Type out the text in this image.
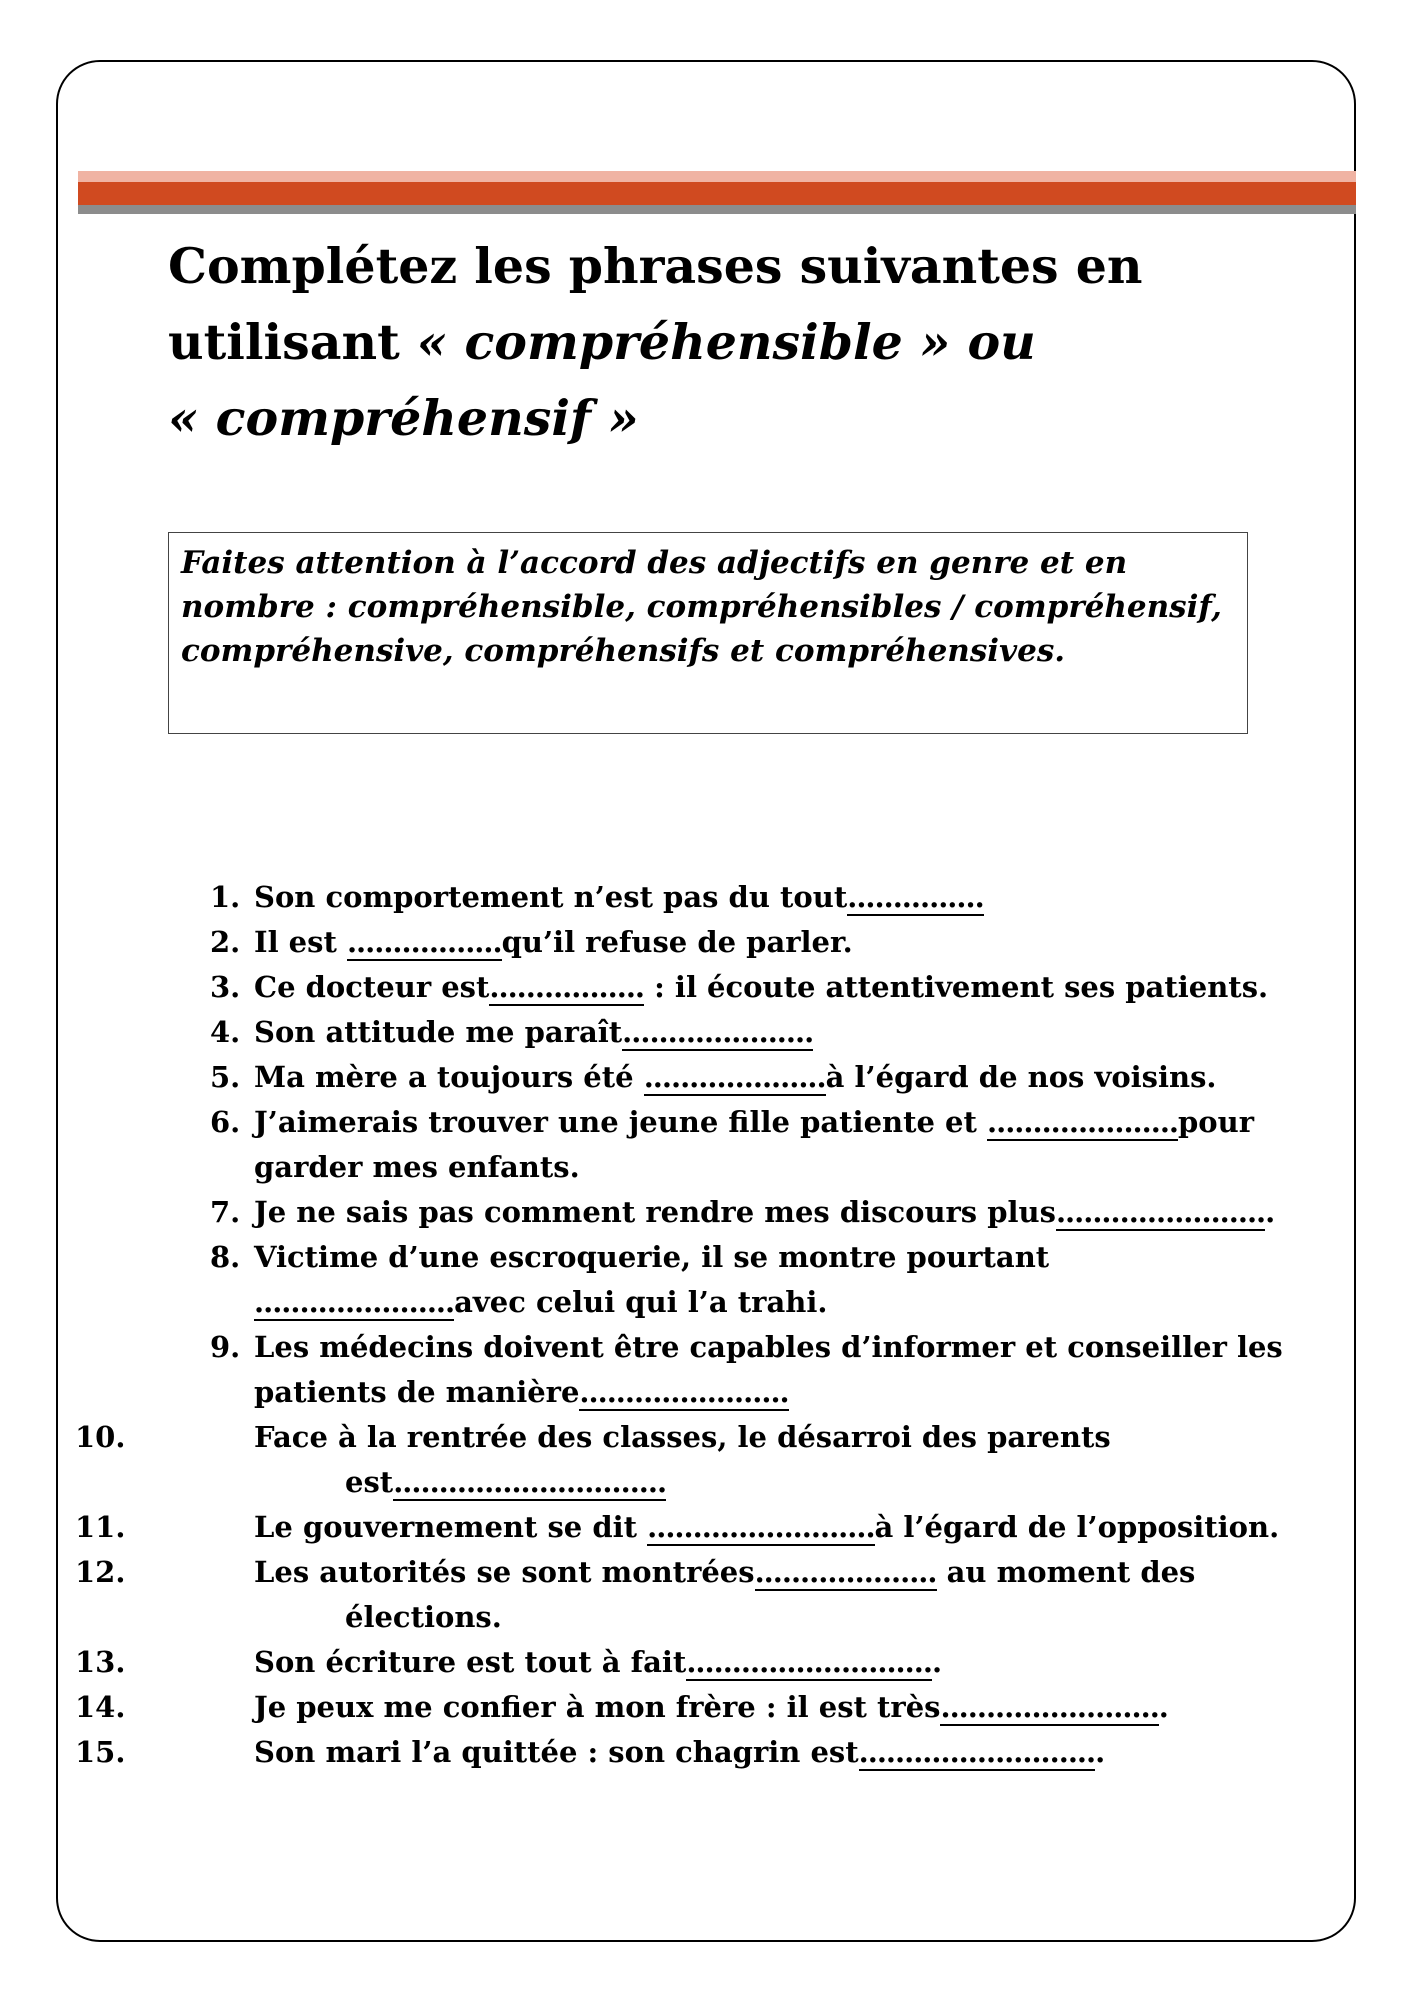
Complétez les phrases suivantes en
utilisant « compréhensible » ou
« compréhensif »

Faites attention à l’accord des adjectifs en genre et en nombre : compréhensible, compréhensibles / compréhensif, compréhensive, compréhensifs et compréhensives.

1. Son comportement n’est pas du tout...............
2. Il est .................qu’il refuse de parler.
3. Ce docteur est................. : il écoute attentivement ses patients.
4. Son attitude me paraît.....................
5. Ma mère a toujours été ....................à l’égard de nos voisins.
6. J’aimerais trouver une jeune fille patiente et .....................pour garder mes enfants.
7. Je ne sais pas comment rendre mes discours plus........................
8. Victime d’une escroquerie, il se montre pourtant ......................avec celui qui l’a trahi.
9. Les médecins doivent être capables d’informer et conseiller les patients de manière.......................
10.	Face à la rentrée des classes, le désarroi des parents est..............................
11.	Le gouvernement se dit .........................à l’égard de l’opposition.
12.	Les autorités se sont montrées.................... au moment des élections.
13.	Son écriture est tout à fait............................
14.	Je peux me confier à mon frère : il est très.........................
15.	Son mari l’a quittée : son chagrin est...........................
